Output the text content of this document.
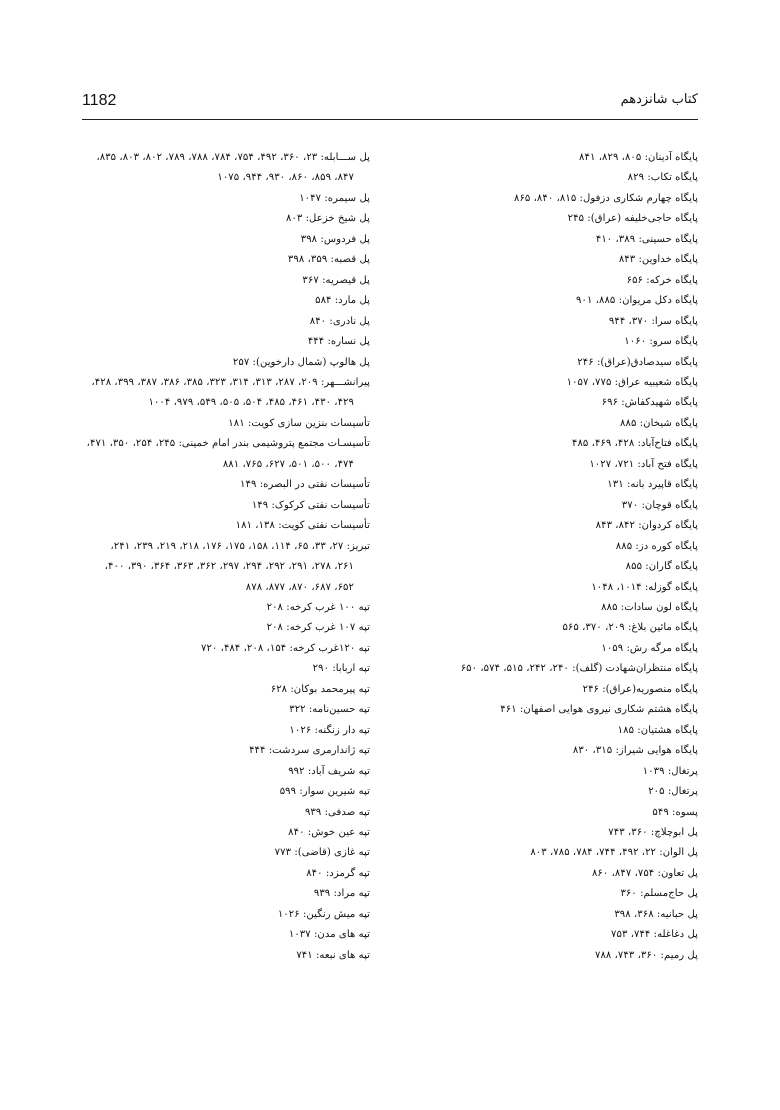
1182	کتاب شانزدهم
پایگاه آدینان: ۸۰۵، ۸۲۹، ۸۴۱
پایگاه تکاب: ۸۲۹
پایگاه چهارم شکاری دزفول: ۸۱۵، ۸۴۰، ۸۶۵
پایگاه حاجی‌خلیفه (عراق): ۲۴۵
پایگاه حسینی: ۳۸۹، ۴۱۰
پایگاه خداوین: ۸۴۳
پایگاه خرکه: ۶۵۶
پایگاه دکل مریوان: ۸۸۵، ۹۰۱
پایگاه سرا: ۳۷۰، ۹۴۴
پایگاه سرو: ۱۰۶۰
پایگاه سیدصادق(عراق): ۲۴۶
پایگاه شعیبیه عراق: ۷۷۵، ۱۰۵۷
پایگاه شهیدکفاش: ۶۹۶
پایگاه شیخان: ۸۸۵
پایگاه فتاح‌آباد: ۴۲۸، ۴۶۹، ۴۸۵
پایگاه فتح آباد: ۷۲۱، ۱۰۲۷
پایگاه قاپیرد بانه: ۱۳۱
پایگاه قوچان: ۳۷۰
پایگاه کردوان: ۸۴۲، ۸۴۳
پایگاه کوره دز: ۸۸۵
پایگاه گاران: ۸۵۵
پایگاه گوزله: ۱۰۱۴، ۱۰۴۸
پایگاه لون سادات: ۸۸۵
پایگاه مائین بلاغ: ۲۰۹، ۳۷۰، ۵۶۵
پایگاه مرگه رش: ۱۰۵۹
پایگاه منتظران‌شهادت (گلف): ۲۴۰، ۲۴۲، ۵۱۵، ۵۷۴، ۶۵۰
پایگاه منصوریه(عراق): ۲۴۶
پایگاه هشتم شکاری نیروی هوایی اصفهان: ۴۶۱
پایگاه هشتیان: ۱۸۵
پایگاه هوایی شیراز: ۳۱۵، ۸۳۰
پرتغال: ۱۰۳۹
پرتغال: ۲۰۵
پسوه: ۵۴۹
پل ابوچلاچ: ۳۶۰، ۷۴۳
پل الوان: ۲۲، ۴۹۲، ۷۴۴، ۷۸۴، ۷۸۵، ۸۰۳
پل تعاون: ۷۵۴، ۸۴۷، ۸۶۰
پل حاج‌مسلم: ۳۶۰
پل حبانیه: ۳۶۸، ۳۹۸
پل دغاغله: ۷۴۴، ۷۵۳
پل رمیم: ۳۶۰، ۷۴۳، ۷۸۸
پل ســـابله: ۲۳، ۳۶۰، ۴۹۲، ۷۵۴، ۷۸۴، ۷۸۸، ۷۸۹، ۸۰۲، ۸۰۳، ۸۳۵،
۸۴۷، ۸۵۹، ۸۶۰، ۹۳۰، ۹۴۴، ۱۰۷۵
پل سیمره: ۱۰۴۷
پل شیخ خزعل: ۸۰۳
پل فردوس: ۳۹۸
پل قصبه: ۳۵۹، ۳۹۸
پل قیصریه: ۳۶۷
پل مارد: ۵۸۴
پل نادری: ۸۴۰
پل نساره: ۴۴۴
پل هالوپ (شمال دارخوین): ۲۵۷
پیرانشـــهر: ۲۰۹، ۲۸۷، ۳۱۳، ۳۱۴، ۳۲۳، ۳۸۵، ۳۸۶، ۳۸۷، ۳۹۹، ۴۲۸،
۴۲۹، ۴۳۰، ۴۶۱، ۴۸۵، ۵۰۴، ۵۰۵، ۵۴۹، ۹۷۹، ۱۰۰۴
تأسیسات بنزین سازی کویت: ۱۸۱
تأسیسـات مجتمع پتروشیمی بندر امام خمینی: ۲۴۵، ۲۵۴، ۳۵۰، ۴۷۱،
۴۷۴، ۵۰۰، ۵۰۱، ۶۲۷، ۷۶۵، ۸۸۱
تأسیسات نفتی در البصره: ۱۴۹
تأسیسات نفتی کرکوک: ۱۴۹
تأسیسات نفتی کویت: ۱۳۸، ۱۸۱
تبریز: ۲۷، ۳۳، ۶۵، ۱۱۴، ۱۵۸، ۱۷۵، ۱۷۶، ۲۱۸، ۲۱۹، ۲۳۹، ۲۴۱،
۲۶۱، ۲۷۸، ۲۹۱، ۲۹۲، ۲۹۴، ۲۹۷، ۳۶۲، ۳۶۳، ۳۶۴، ۳۹۰، ۴۰۰،
۶۵۲، ۶۸۷، ۸۷۰، ۸۷۷، ۸۷۸
تپه ۱۰۰ غرب کرخه: ۲۰۸
تپه ۱۰۷ غرب کرخه: ۲۰۸
تپه ۱۲۰غرب کرخه: ۱۵۴، ۲۰۸، ۴۸۴، ۷۲۰
تپه اربابا: ۲۹۰
تپه پیرمحمد بوکان: ۶۲۸
تپه حسین‌نامه: ۳۲۲
تپه دار زنگنه: ۱۰۲۶
تپه ژاندارمری سردشت: ۴۴۴
تپه شریف آباد: ۹۹۲
تپه شیرین سوار: ۵۹۹
تپه صدفی: ۹۳۹
تپه عین خوش: ۸۴۰
تپه غازی (قاضی): ۷۷۳
تپه گرمزد: ۸۴۰
تپه مراد: ۹۳۹
تپه میش رنگین: ۱۰۲۶
تپه های مدن: ۱۰۳۷
تپه های نبعه: ۷۴۱
